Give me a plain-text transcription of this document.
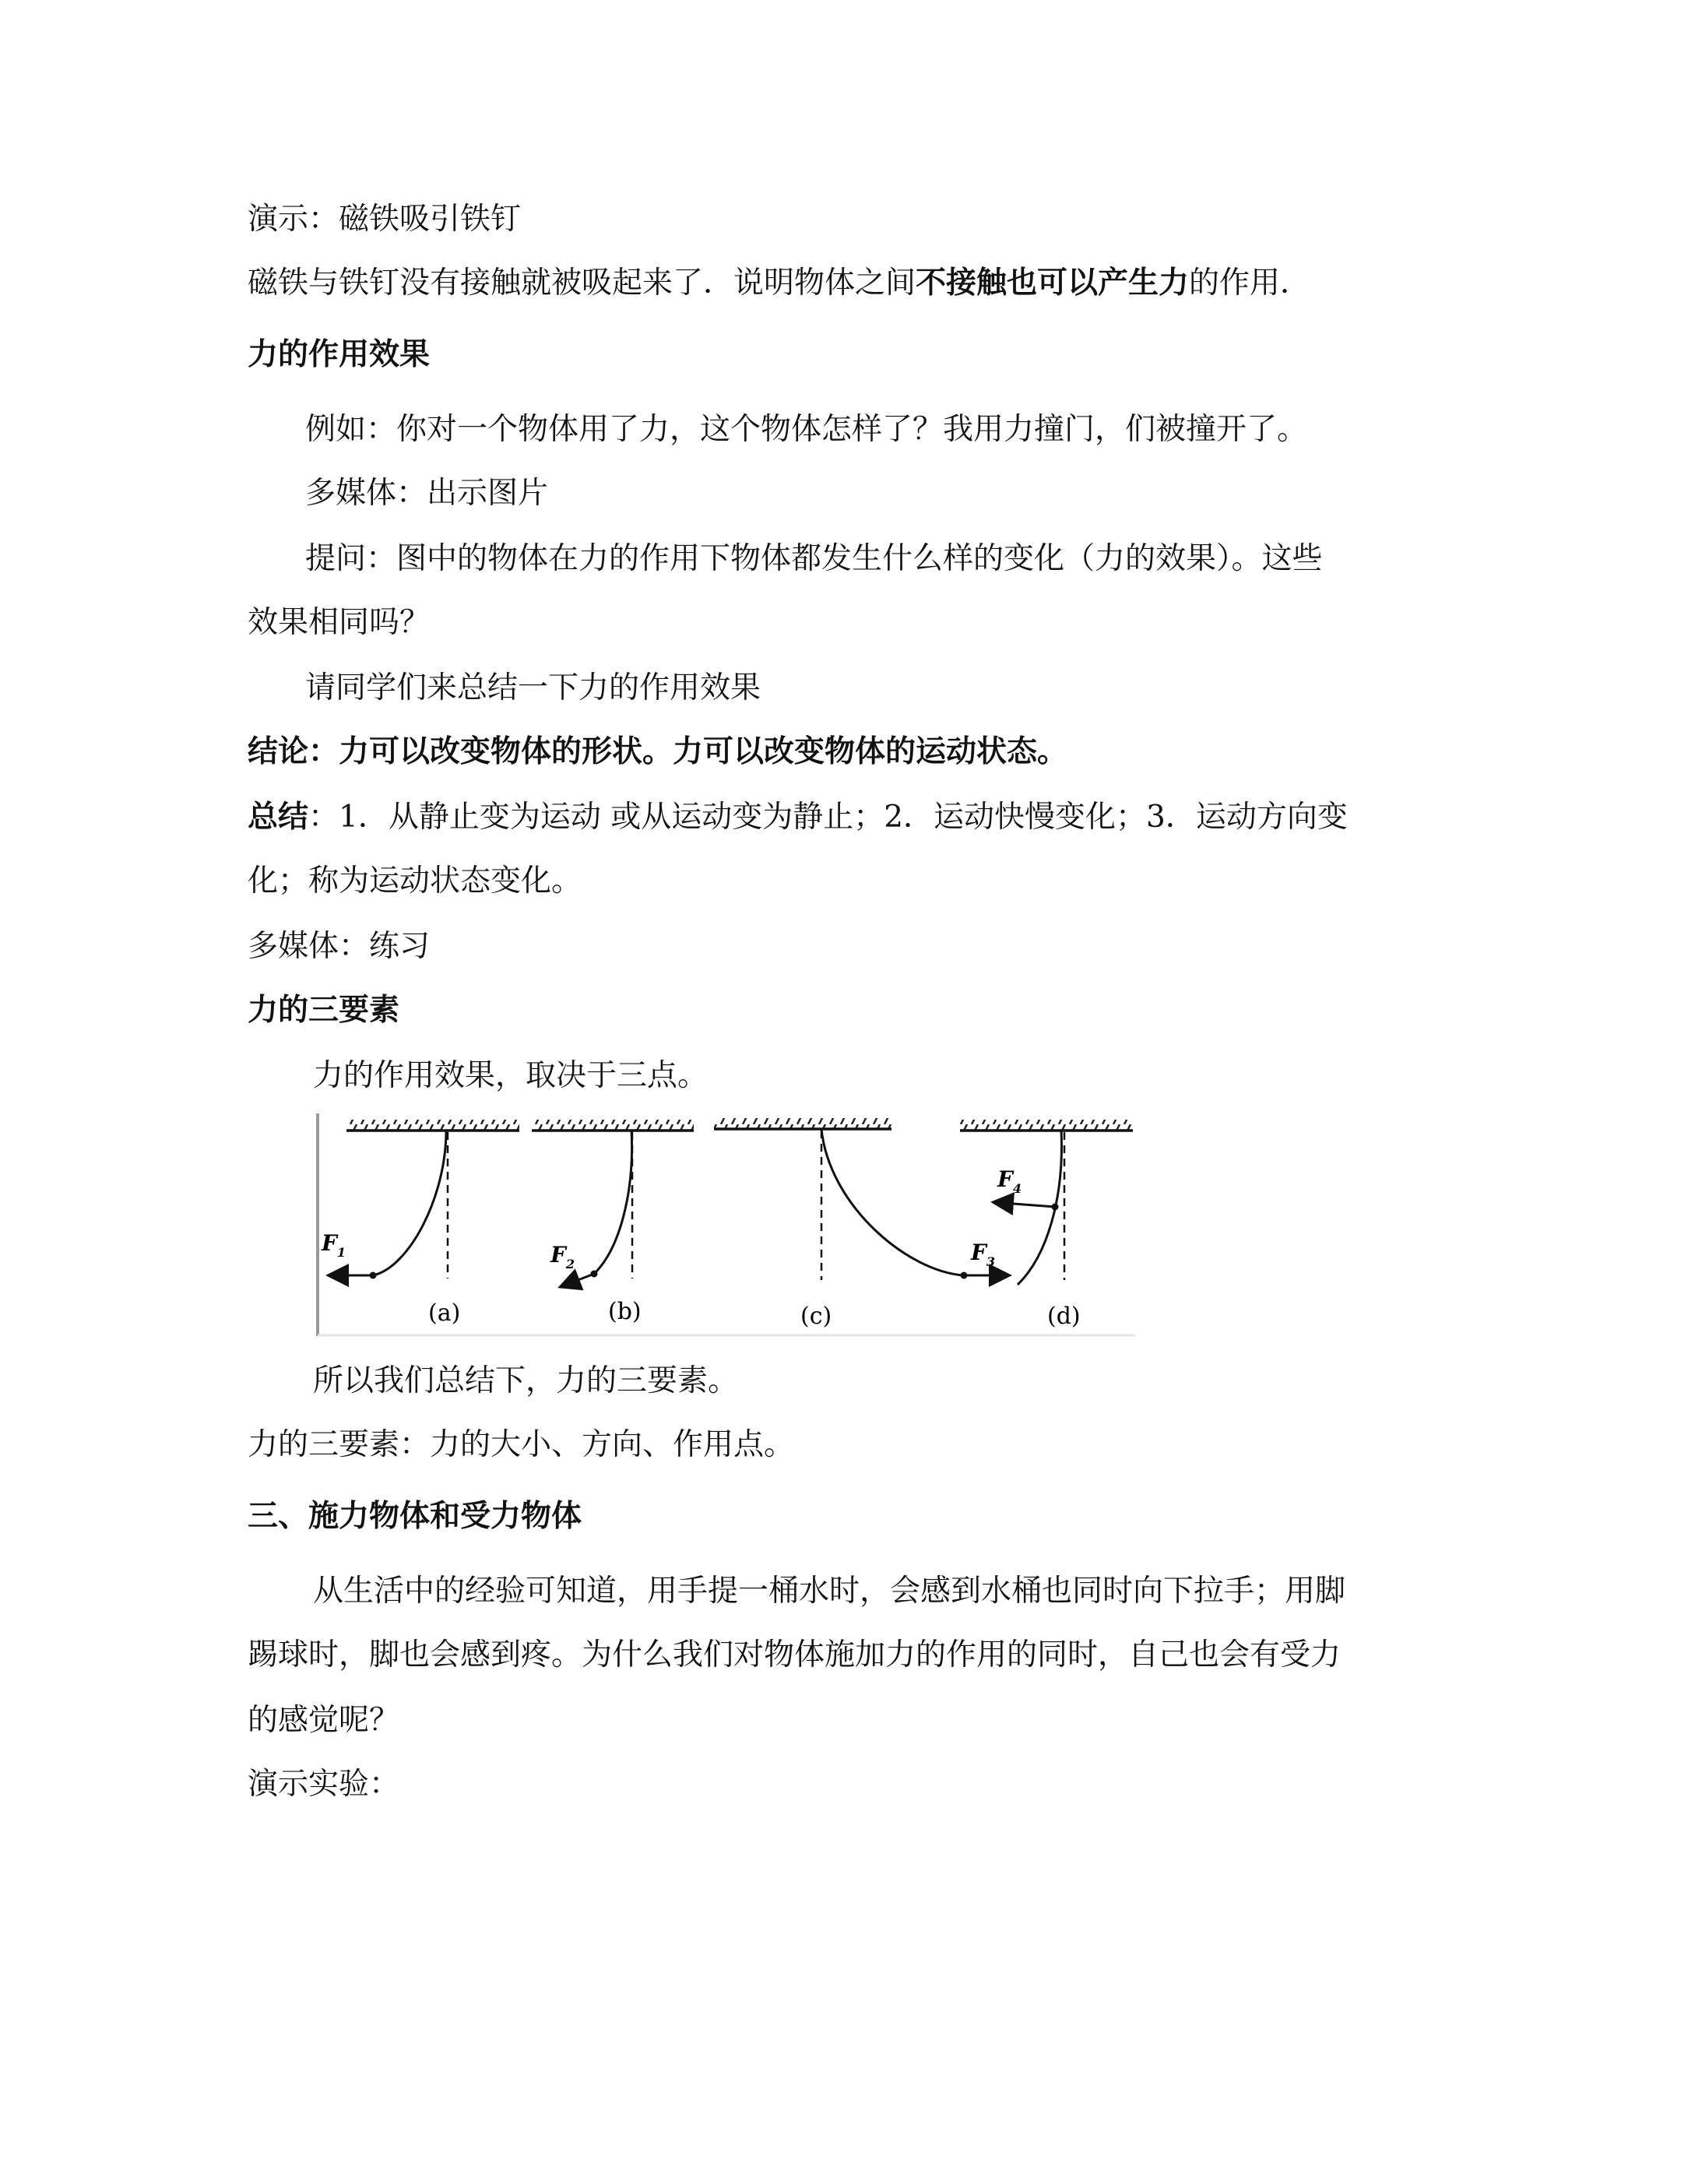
演示：磁铁吸引铁钉
磁铁与铁钉没有接触就被吸起来了．说明物体之间不接触也可以产生力的作用．
力的作用效果
例如：你对一个物体用了力，这个物体怎样了？我用力撞门，们被撞开了。
多媒体：出示图片
提问：图中的物体在力的作用下物体都发生什么样的变化（力的效果）。这些
效果相同吗？
请同学们来总结一下力的作用效果
结论：力可以改变物体的形状。力可以改变物体的运动状态。
总结：1．从静止变为运动 或从运动变为静止；2．运动快慢变化；3．运动方向变
化；称为运动状态变化。
多媒体：练习
力的三要素
力的作用效果，取决于三点。
$F_1$
(a)
$F_2$
(b)
$F_3$
(c)
$F_4$
(d)
所以我们总结下，力的三要素。
力的三要素：力的大小、方向、作用点。
三、施力物体和受力物体
从生活中的经验可知道，用手提一桶水时，会感到水桶也同时向下拉手；用脚
踢球时，脚也会感到疼。为什么我们对物体施加力的作用的同时，自己也会有受力
的感觉呢？
演示实验：
